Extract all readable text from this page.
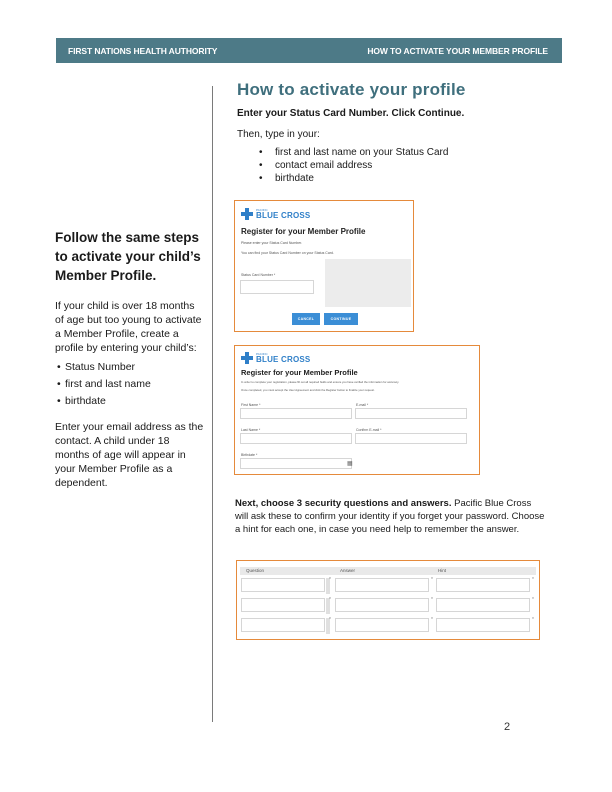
FIRST NATIONS HEALTH AUTHORITY	HOW TO ACTIVATE YOUR MEMBER PROFILE
Follow the same steps to activate your child’s Member Profile.

If your child is over 18 months of age but too young to activate a Member Profile, create a profile by entering your child’s:

• Status Number
• first and last name
• birthdate

Enter your email address as the contact. A child under 18 months of age will appear in your Member Profile as a dependent.

How to activate your profile
Enter your Status Card Number. Click Continue.
Then, type in your:
• first and last name on your Status Card
• contact email address
• birthdate
PACIFIC
BLUE CROSS
Register for your Member Profile
Please enter your Status Card Number.
You can find your Status Card Number on your Status Card.
Status Card Number *
CANCEL	CONTINUE
PACIFIC
BLUE CROSS
Register for your Member Profile
In order to complete your registration, please fill out all required fields and ensure you have verified the information for accuracy.
Once completed, you must accept the User Agreement and click the Register button to finalize your request.
First Name *	E-mail *
Last Name *	Confirm E-mail *
Birthdate *
▦
Next, choose 3 security questions and answers. Pacific Blue Cross will ask these to confirm your identity if you forget your password. Choose a hint for each one, in case you need help to remember the answer.
Question	Answer	Hint
*	*	*
*	*	*
*	*	*
2
